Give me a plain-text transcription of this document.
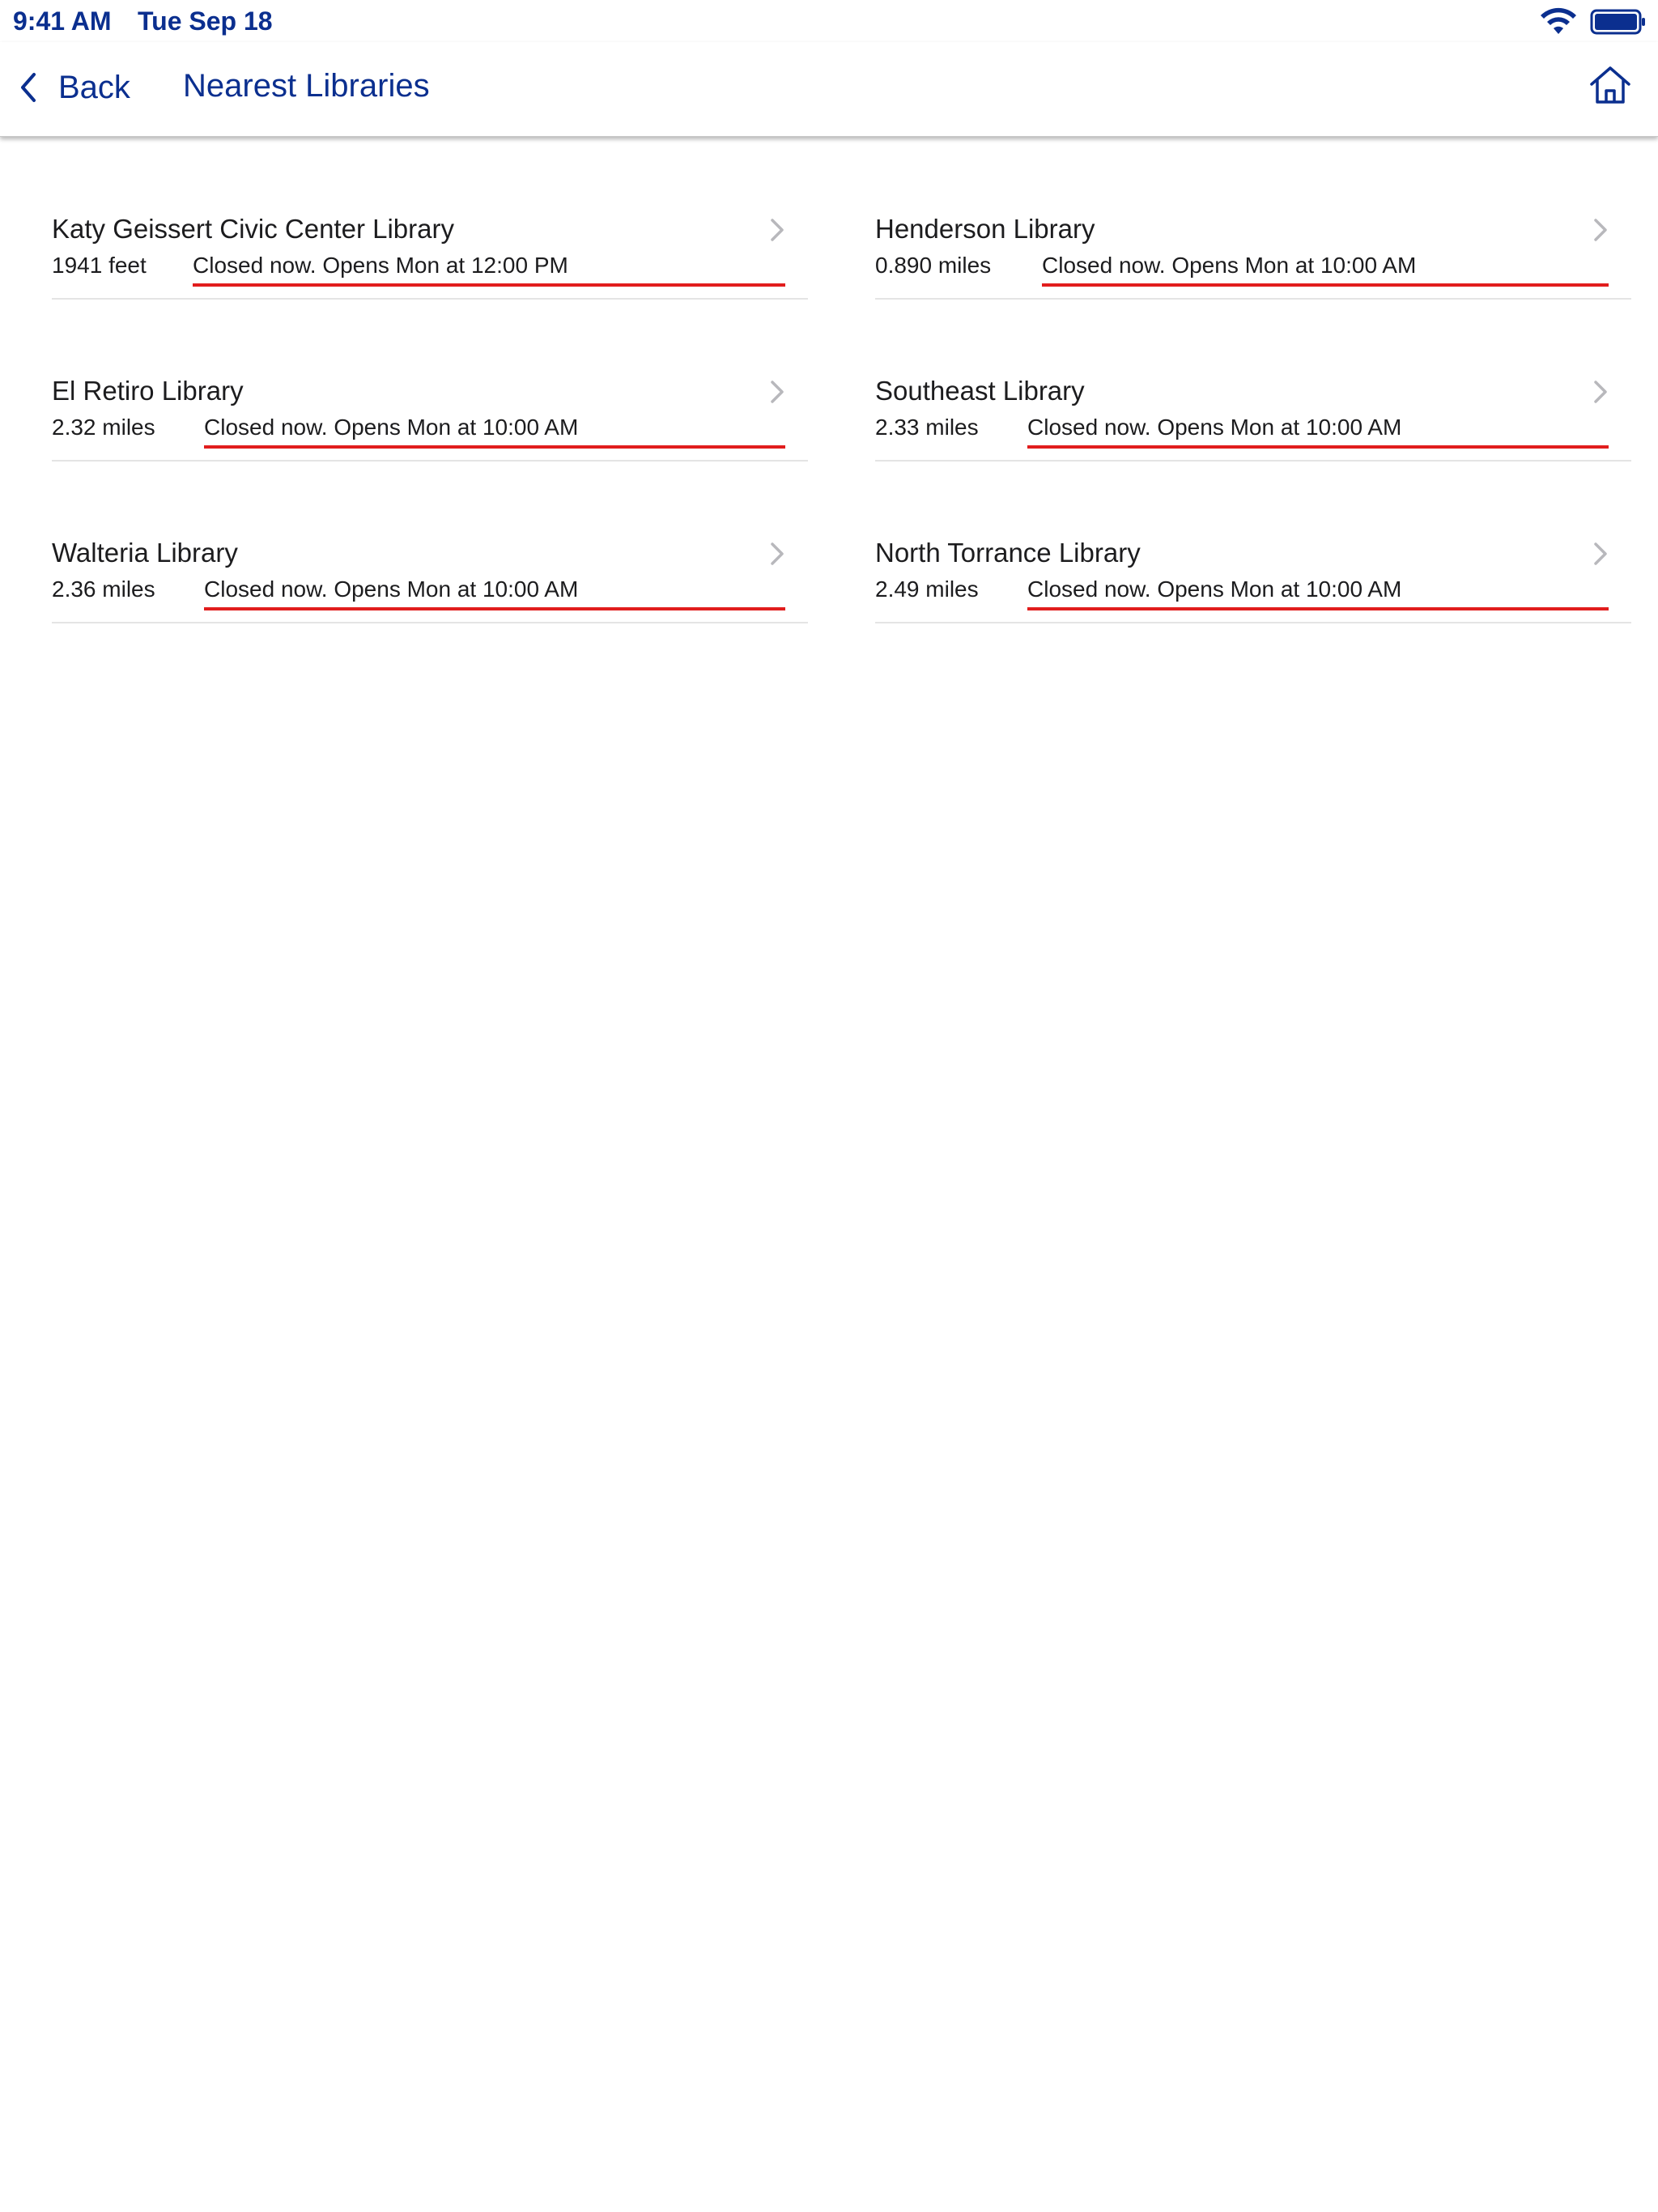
9:41 AM Tue Sep 18
Back Nearest Libraries
Katy Geissert Civic Center Library
1941 feet Closed now. Opens Mon at 12:00 PM
Henderson Library
0.890 miles Closed now. Opens Mon at 10:00 AM
El Retiro Library
2.32 miles Closed now. Opens Mon at 10:00 AM
Southeast Library
2.33 miles Closed now. Opens Mon at 10:00 AM
Walteria Library
2.36 miles Closed now. Opens Mon at 10:00 AM
North Torrance Library
2.49 miles Closed now. Opens Mon at 10:00 AM
